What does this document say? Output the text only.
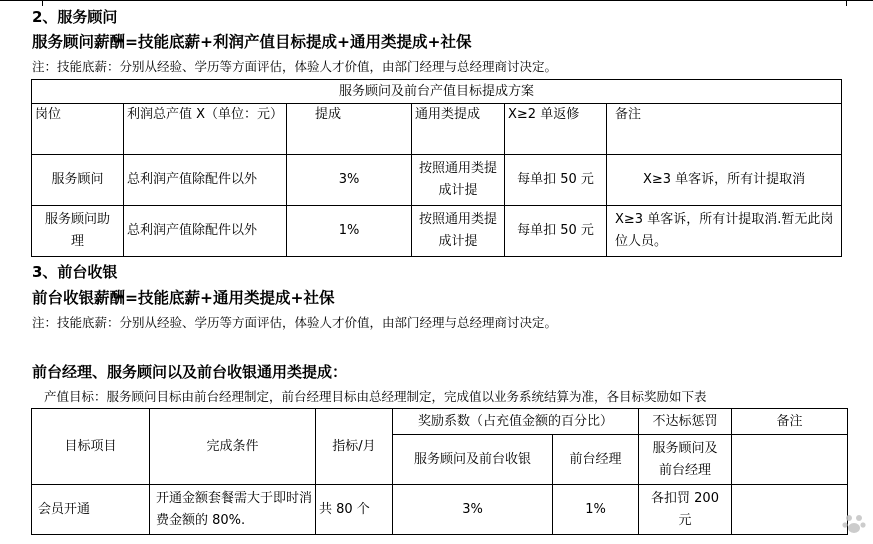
2、服务顾问
服务顾问薪酬=技能底薪+利润产值目标提成+通用类提成+社保
注：技能底薪：分别从经验、学历等方面评估，体验人才价值，由部门经理与总经理商讨决定。
服务顾问及前台产值目标提成方案					
岗位	利润总产值 X（单位：元）	提成	通用类提成	X≥2 单返修	备注
服务顾问	总利润产值除配件以外	3%	按照通用类提成计提	每单扣 50 元	X≥3 单客诉，所有计提取消
服务顾问助理	总利润产值除配件以外	1%	按照通用类提成计提	每单扣 50 元	X≥3 单客诉，所有计提取消.暂无此岗位人员。
3、前台收银
前台收银薪酬=技能底薪+通用类提成+社保
注：技能底薪：分别从经验、学历等方面评估，体验人才价值，由部门经理与总经理商讨决定。
前台经理、服务顾问以及前台收银通用类提成：
产值目标：服务顾问目标由前台经理制定，前台经理目标由总经理制定，完成值以业务系统结算为准，各目标奖励如下表
目标项目	完成条件	指标/月	奖励系数（占充值金额的百分比）		不达标惩罚	备注
			服务顾问及前台收银	前台经理	服务顾问及前台经理	
会员开通	开通金额套餐需大于即时消费金额的 80%.	共 80 个	3%	1%	各扣罚 200 元	
